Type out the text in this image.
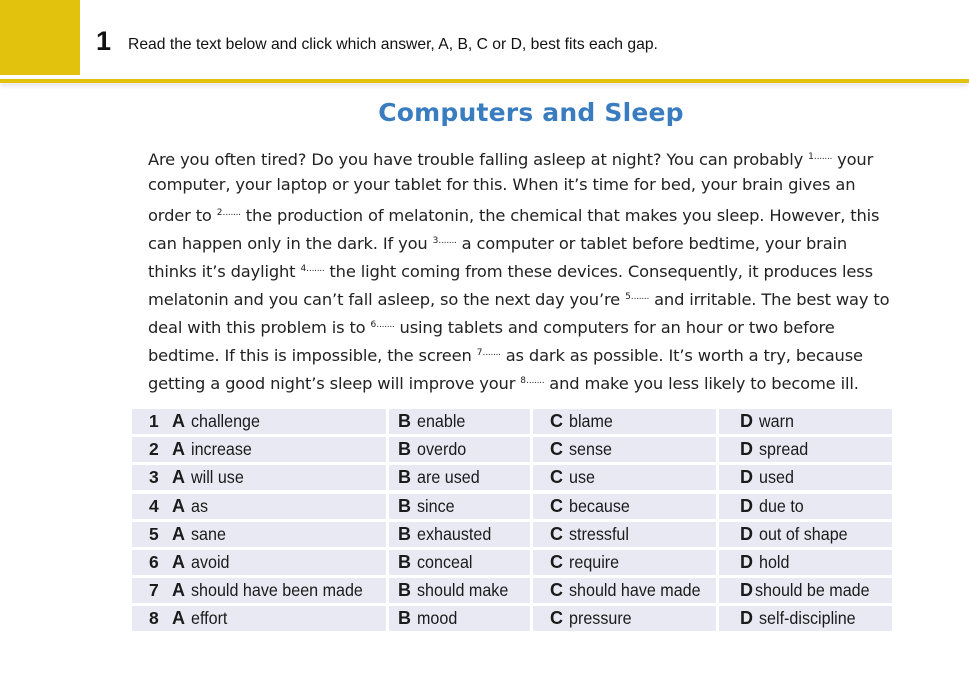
1 Read the text below and click which answer, A, B, C or D, best fits each gap.
Computers and Sleep
Are you often tired? Do you have trouble falling asleep at night? You can probably $^{1.......}$ your
computer, your laptop or your tablet for this. When it’s time for bed, your brain gives an
order to $^{2.......}$ the production of melatonin, the chemical that makes you sleep. However, this
can happen only in the dark. If you $^{3.......}$ a computer or tablet before bedtime, your brain
thinks it’s daylight $^{4.......}$ the light coming from these devices. Consequently, it produces less
melatonin and you can’t fall asleep, so the next day you’re $^{5.......}$ and irritable. The best way to
deal with this problem is to $^{6.......}$ using tablets and computers for an hour or two before
bedtime. If this is impossible, the screen $^{7.......}$ as dark as possible. It’s worth a try, because
getting a good night’s sleep will improve your $^{8.......}$ and make you less likely to become ill.
1 A challenge	B enable	C blame	D warn
2 A increase	B overdo	C sense	D spread
3 A will use	B are used	C use	D used
4 A as	B since	C because	D due to
5 A sane	B exhausted	C stressful	D out of shape
6 A avoid	B conceal	C require	D hold
7 A should have been made B should make C should have made D should be made
8 A effort	B mood	C pressure	D self-discipline
